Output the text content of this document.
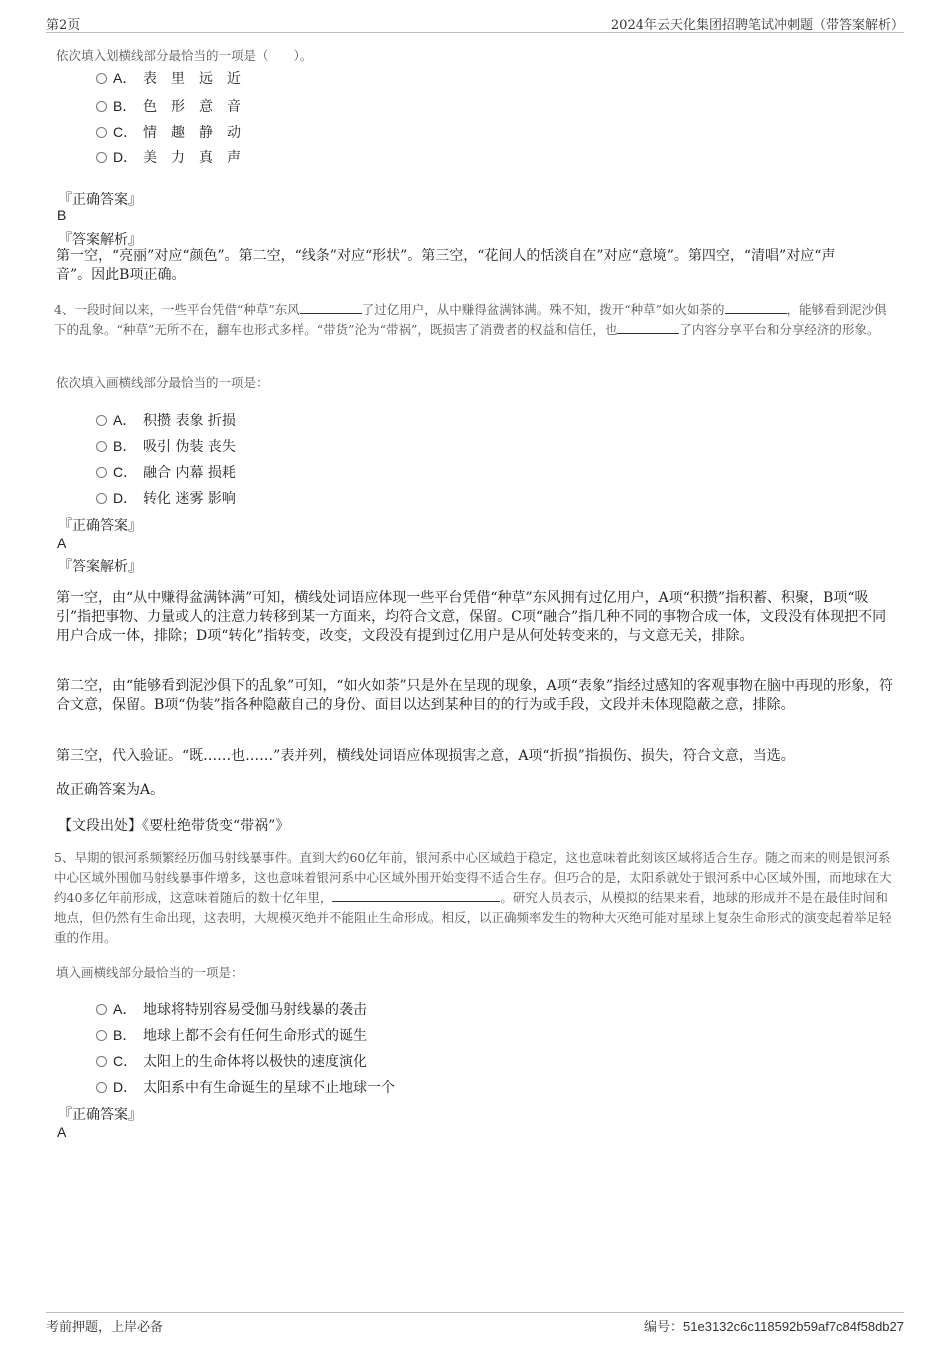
第2页	2024年云天化集团招聘笔试冲刺题（带答案解析）
依次填入划横线部分最恰当的一项是（　　）。
A． 表里远近
B． 色形意音
C． 情趣静动
D． 美力真声
『正确答案』
B
『答案解析』
第一空，“亮丽”对应“颜色”。第二空，“线条”对应“形状”。第三空，“花间人的恬淡自在”对应“意境”。第四空，“清唱”对应“声
音”。因此B项正确。

4、一段时间以来，一些平台凭借“种草”东风	了过亿用户，从中赚得盆满钵满。殊不知，拨开“种草”如火如荼的	，能够看到泥沙俱下的乱象。“种草”无所不在，翻车也形式多样。“带货”沦为“带祸”，既损害了消费者的权益和信任，也	了内容分享平台和分享经济的形象。

依次填入画横线部分最恰当的一项是：
A． 积攒 表象 折损
B． 吸引 伪装 丧失
C． 融合 内幕 损耗
D． 转化 迷雾 影响
『正确答案』
A
『答案解析』

第一空，由“从中赚得盆满钵满”可知，横线处词语应体现一些平台凭借“种草”东风拥有过亿用户，A项“积攒”指积蓄、积聚，B项“吸引”指把事物、力量或人的注意力转移到某一方面来，均符合文意，保留。C项“融合”指几种不同的事物合成一体，文段没有体现把不同用户合成一体，排除；D项“转化”指转变，改变，文段没有提到过亿用户是从何处转变来的，与文意无关，排除。

第二空，由“能够看到泥沙俱下的乱象”可知，“如火如荼”只是外在呈现的现象，A项“表象”指经过感知的客观事物在脑中再现的形象，符合文意，保留。B项“伪装”指各种隐蔽自己的身份、面目以达到某种目的的行为或手段，文段并未体现隐蔽之意，排除。

第三空，代入验证。“既……也……”表并列，横线处词语应体现损害之意，A项“折损”指损伤、损失，符合文意，当选。

故正确答案为A。

【文段出处】《要杜绝带货变“带祸”》

5、早期的银河系频繁经历伽马射线暴事件。直到大约60亿年前，银河系中心区域趋于稳定，这也意味着此刻该区域将适合生存。随之而来的则是银河系中心区域外围伽马射线暴事件增多，这也意味着银河系中心区域外围开始变得不适合生存。但巧合的是，太阳系就处于银河系中心区域外围，而地球在大约40多亿年前形成，这意味着随后的数十亿年里，	。研究人员表示，从模拟的结果来看，地球的形成并不是在最佳时间和地点，但仍然有生命出现，这表明，大规模灭绝并不能阻止生命形成。相反，以正确频率发生的物种大灭绝可能对星球上复杂生命形式的演变起着举足轻重的作用。

填入画横线部分最恰当的一项是：
A． 地球将特别容易受伽马射线暴的袭击
B． 地球上都不会有任何生命形式的诞生
C． 太阳上的生命体将以极快的速度演化
D． 太阳系中有生命诞生的星球不止地球一个
『正确答案』
A
考前押题，上岸必备	编号：51e3132c6c118592b59af7c84f58db27
